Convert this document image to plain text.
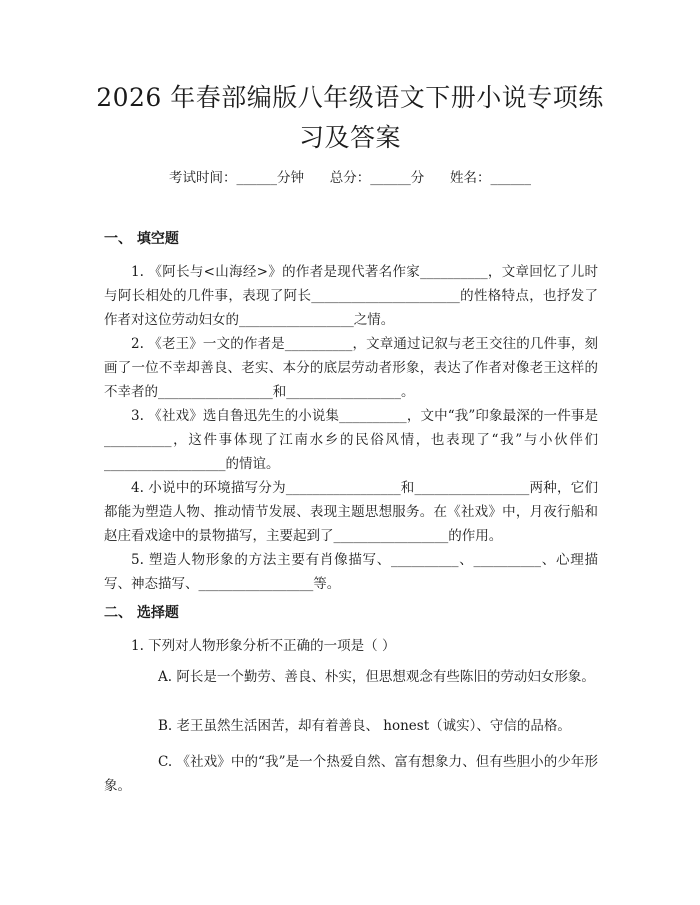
2026 年春部编版八年级语文下册小说专项练
习及答案
考试时间：______分钟      总分：______分      姓名：______
一、 填空题

1. 《阿长与<山海经>》的作者是现代著名作家__________，文章回忆了儿时与阿长相处的几件事，表现了阿长______________________的性格特点，也抒发了作者对这位劳动妇女的_________________之情。

2. 《老王》一文的作者是__________，文章通过记叙与老王交往的几件事，刻画了一位不幸却善良、老实、本分的底层劳动者形象，表达了作者对像老王这样的不幸者的_________________和_________________。

3. 《社戏》选自鲁迅先生的小说集__________，文中“我”印象最深的一件事是__________，这件事体现了江南水乡的民俗风情，也表现了“我”与小伙伴们__________________的情谊。

4. 小说中的环境描写分为_________________和_________________两种，它们都能为塑造人物、推动情节发展、表现主题思想服务。在《社戏》中，月夜行船和赵庄看戏途中的景物描写，主要起到了_________________的作用。

5. 塑造人物形象的方法主要有肖像描写、__________、__________、心理描写、神态描写、_________________等。

二、 选择题

1. 下列对人物形象分析不正确的一项是（ ）

A. 阿长是一个勤劳、善良、朴实，但思想观念有些陈旧的劳动妇女形象。

B. 老王虽然生活困苦，却有着善良、 honest（诚实）、守信的品格。

C. 《社戏》中的“我”是一个热爱自然、富有想象力、但有些胆小的少年形象。
